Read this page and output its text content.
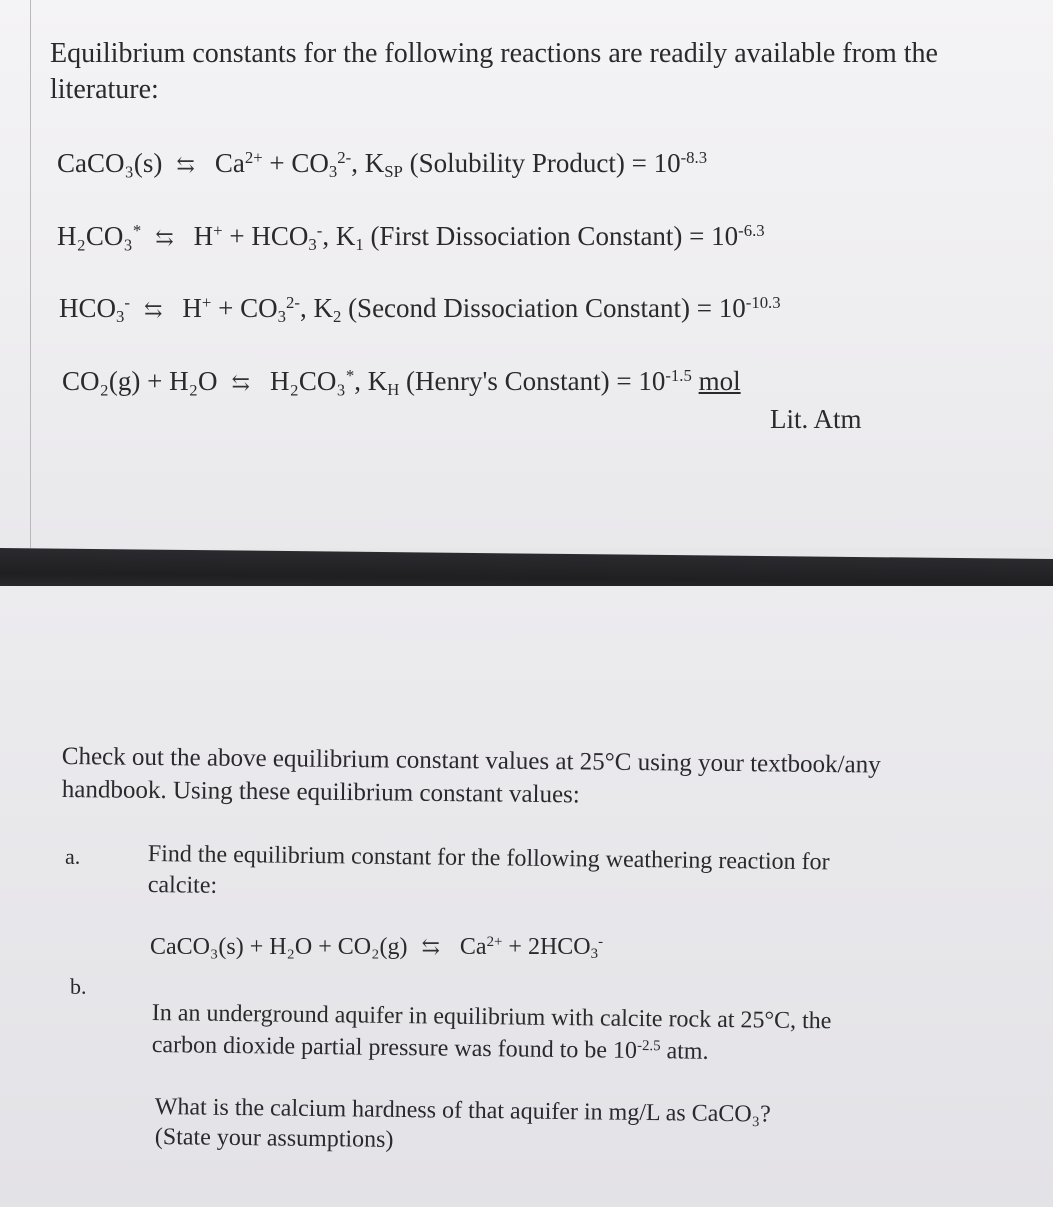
Equilibrium constants for the following reactions are readily available from the
literature:
CaCO₃(s) ⇆ $Ca^{2+} + CO_3^{2-}$, $K_{SP}$ (Solubility Product) = $10^{-8.3}$
H₂CO₃* ⇆ $H^+ + HCO_3^-$, $K_1$ (First Dissociation Constant) = $10^{-6.3}$
$HCO_3^-$ ⇆ $H^+ + CO_3^{2-}$, $K_2$ (Second Dissociation Constant) = $10^{-10.3}$
CO₂(g) + H₂O ⇆ H₂CO₃*, $K_H$ (Henry's Constant) = $10^{-1.5}$ mol
Lit. Atm
Check out the above equilibrium constant values at 25°C using your textbook/any
handbook. Using these equilibrium constant values:
a.	Find the equilibrium constant for the following weathering reaction for
calcite:
CaCO₃(s) + H₂O + CO₂(g) ⇆ $Ca^{2+} + 2HCO_3^-$
b.
In an underground aquifer in equilibrium with calcite rock at 25°C, the
carbon dioxide partial pressure was found to be $10^{-2.5}$ atm.
What is the calcium hardness of that aquifer in mg/L as CaCO₃?
(State your assumptions)
